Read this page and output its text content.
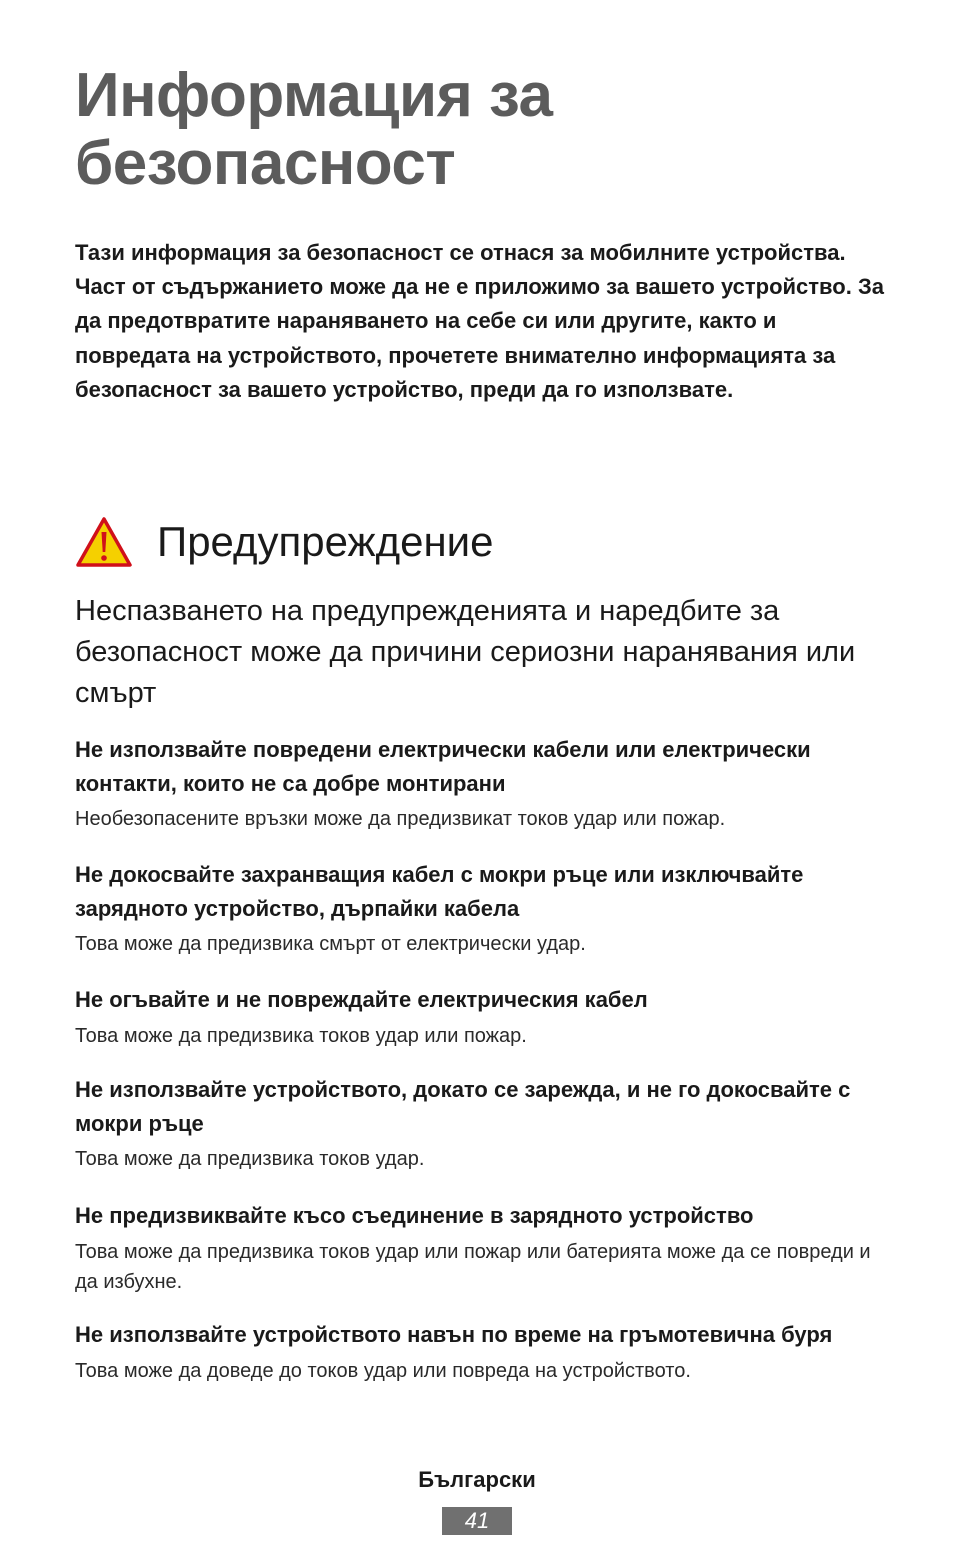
Информация за безопасност

Тази информация за безопасност се отнася за мобилните устройства. Част от съдържанието може да не е приложимо за вашето устройство. За да предотвратите нараняването на себе си или другите, както и повредата на устройството, прочетете внимателно информацията за безопасност за вашето устройство, преди да го използвате.

Предупреждение

Неспазването на предупрежденията и наредбите за безопасност може да причини сериозни наранявания или смърт

Не използвайте повредени електрически кабели или електрически контакти, които не са добре монтирани

Необезопасените връзки може да предизвикат токов удар или пожар.

Не докосвайте захранващия кабел с мокри ръце или изключвайте зарядното устройство, дърпайки кабела

Това може да предизвика смърт от електрически удар.

Не огъвайте и не повреждайте електрическия кабел

Това може да предизвика токов удар или пожар.

Не използвайте устройството, докато се зарежда, и не го докосвайте с мокри ръце

Това може да предизвика токов удар.

Не предизвиквайте късо съединение в зарядното устройство

Това може да предизвика токов удар или пожар или батерията може да се повреди и да избухне.

Не използвайте устройството навън по време на гръмотевична буря

Това може да доведе до токов удар или повреда на устройството.

Български
41
